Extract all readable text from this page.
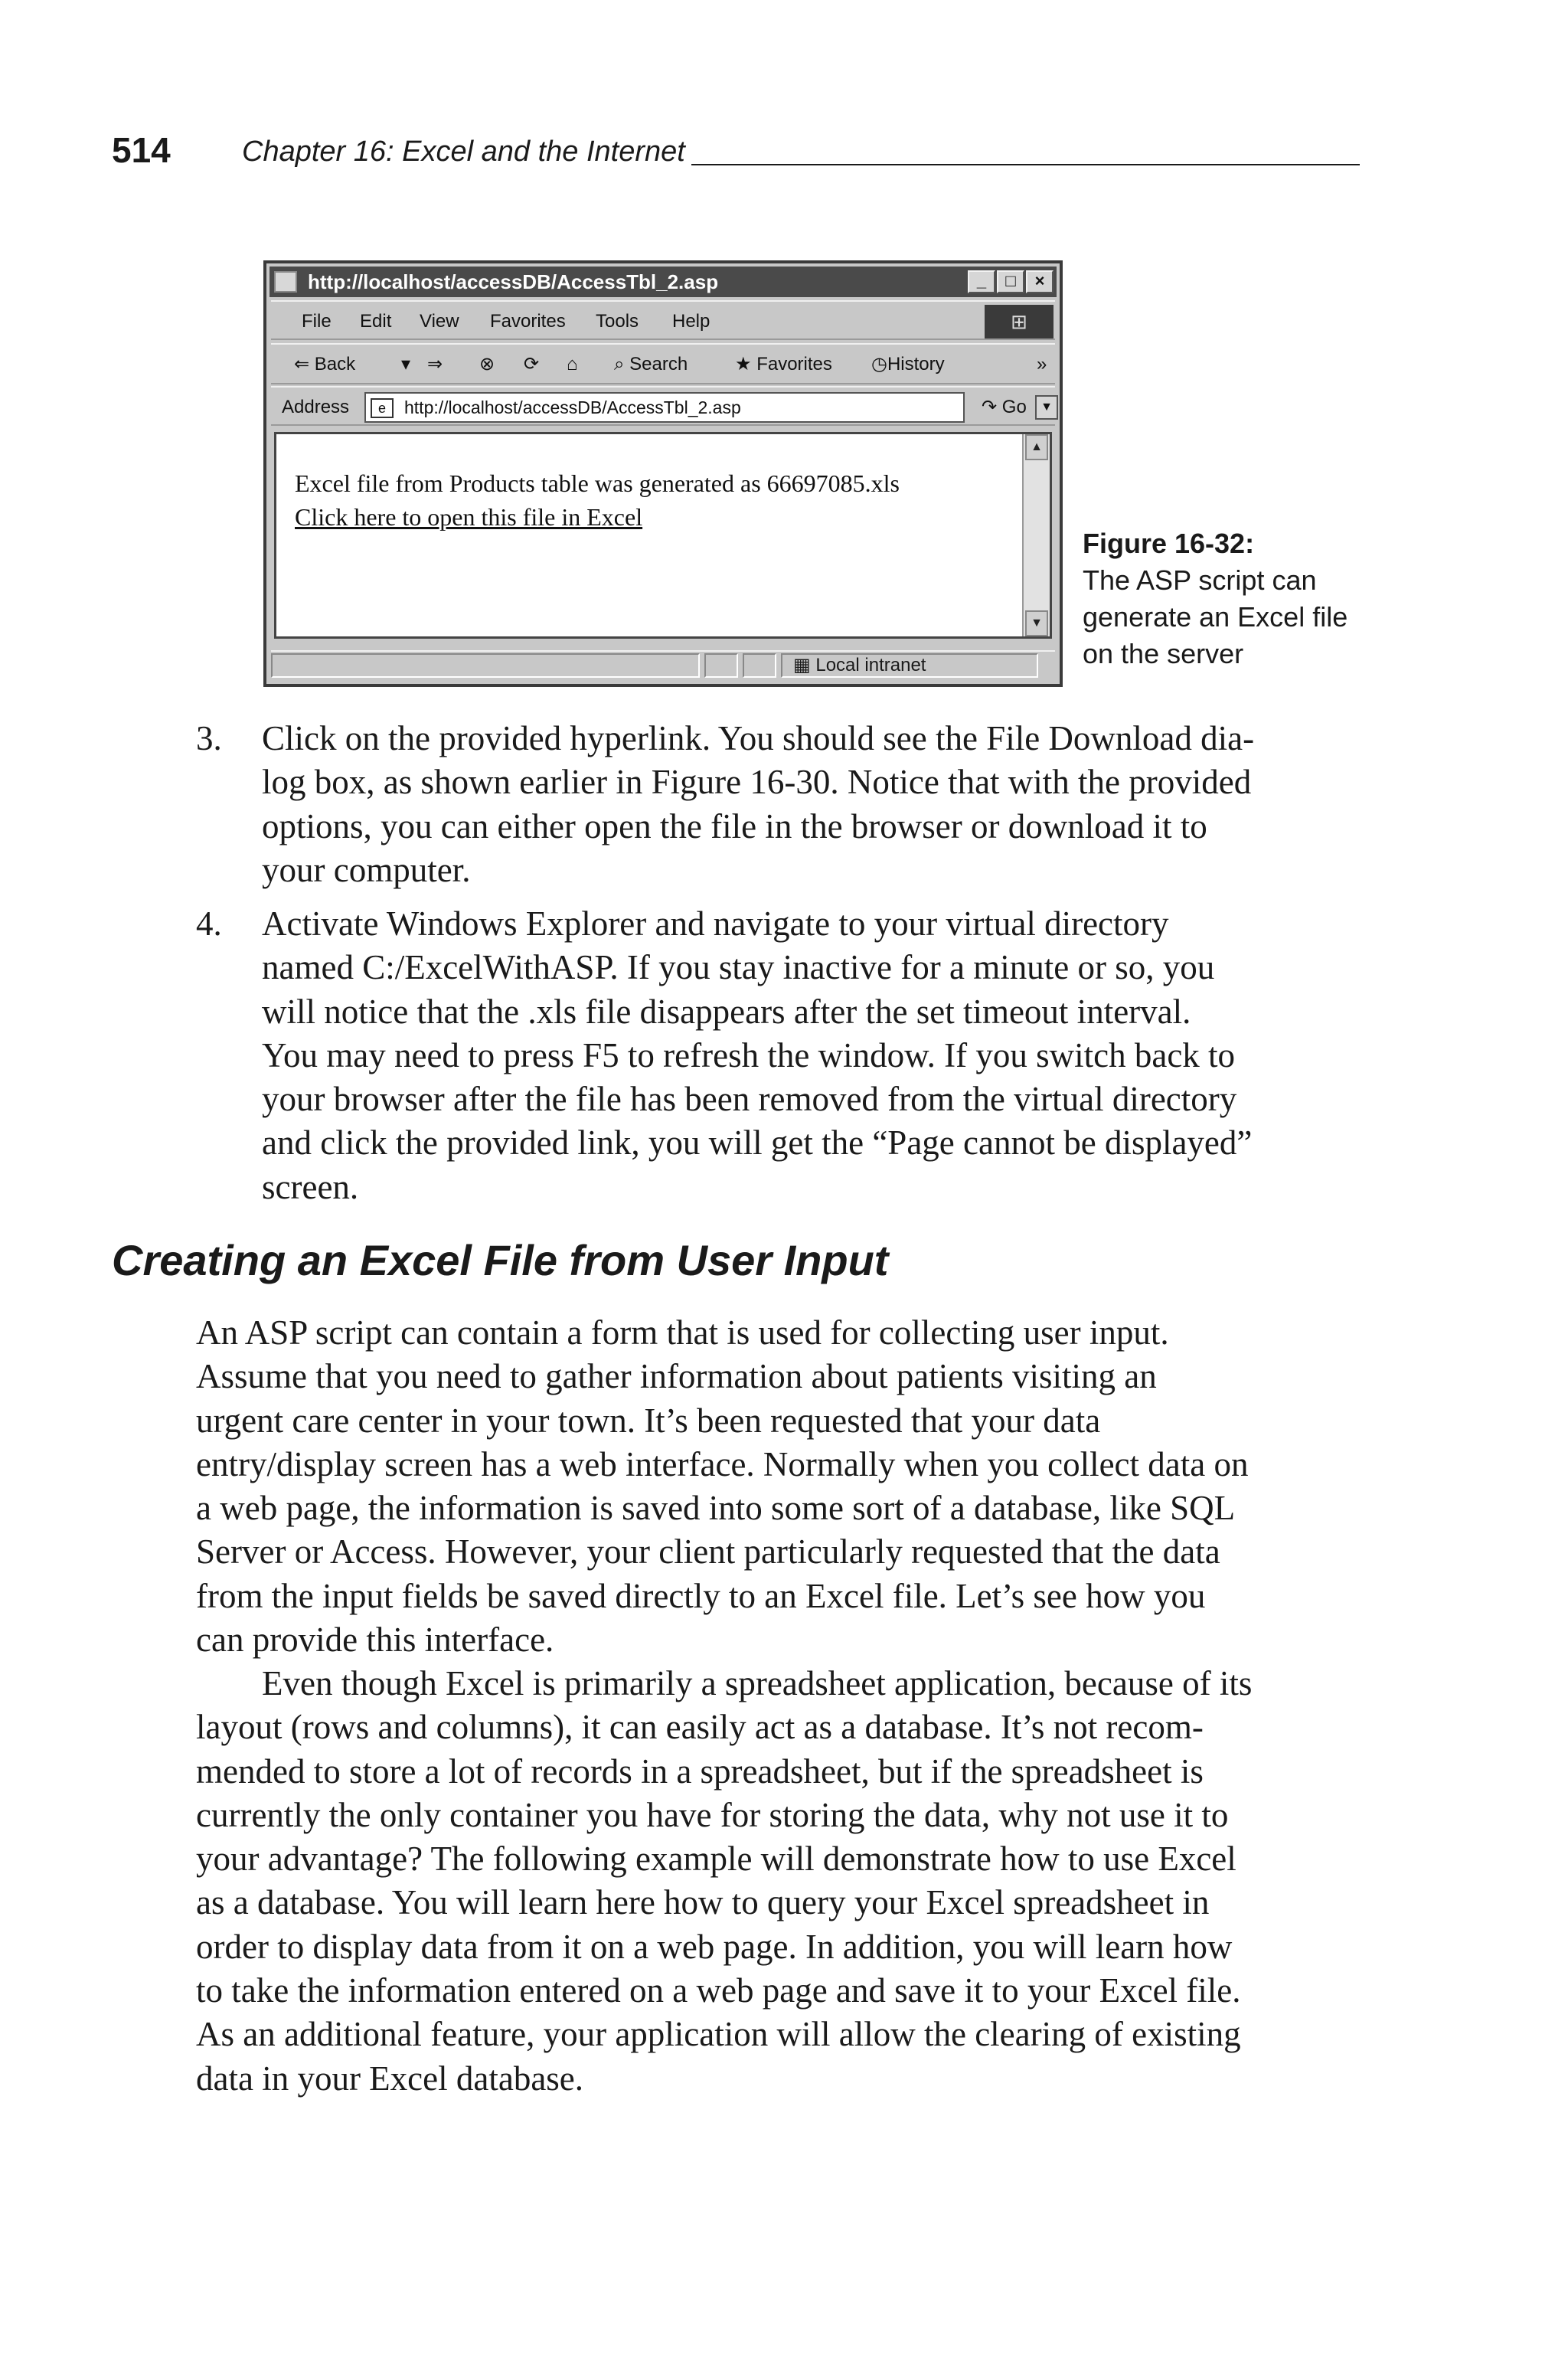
514 Chapter 16: Excel and the Internet
http://localhost/accessDB/AccessTbl_2.asp	_	□	×
File Edit View Favorites Tools Help	⊞
⇐ Back ▾ ⇒ ⊗ ⟳ ⌂ ⌕ Search	★ Favorites ◷History	»
Address	e	http://localhost/accessDB/AccessTbl_2.asp	▼
↷ Go
Excel file from Products table was generated as 66697085.xls
Click here to open this file in Excel
▲
▼
▦ Local intranet
Figure 16-32:
The ASP script can
generate an Excel file
on the server
3.	Click on the provided hyperlink. You should see the File Download dia-
log box, as shown earlier in Figure 16-30. Notice that with the provided
options, you can either open the file in the browser or download it to
your computer.
4.	Activate Windows Explorer and navigate to your virtual directory
named C:/ExcelWithASP. If you stay inactive for a minute or so, you
will notice that the .xls file disappears after the set timeout interval.
You may need to press F5 to refresh the window. If you switch back to
your browser after the file has been removed from the virtual directory
and click the provided link, you will get the “Page cannot be displayed”
screen.
Creating an Excel File from User Input
An ASP script can contain a form that is used for collecting user input.
Assume that you need to gather information about patients visiting an
urgent care center in your town. It’s been requested that your data
entry/display screen has a web interface. Normally when you collect data on
a web page, the information is saved into some sort of a database, like SQL
Server or Access. However, your client particularly requested that the data
from the input fields be saved directly to an Excel file. Let’s see how you
can provide this interface.
Even though Excel is primarily a spreadsheet application, because of its
layout (rows and columns), it can easily act as a database. It’s not recom-
mended to store a lot of records in a spreadsheet, but if the spreadsheet is
currently the only container you have for storing the data, why not use it to
your advantage? The following example will demonstrate how to use Excel
as a database. You will learn here how to query your Excel spreadsheet in
order to display data from it on a web page. In addition, you will learn how
to take the information entered on a web page and save it to your Excel file.
As an additional feature, your application will allow the clearing of existing
data in your Excel database.
